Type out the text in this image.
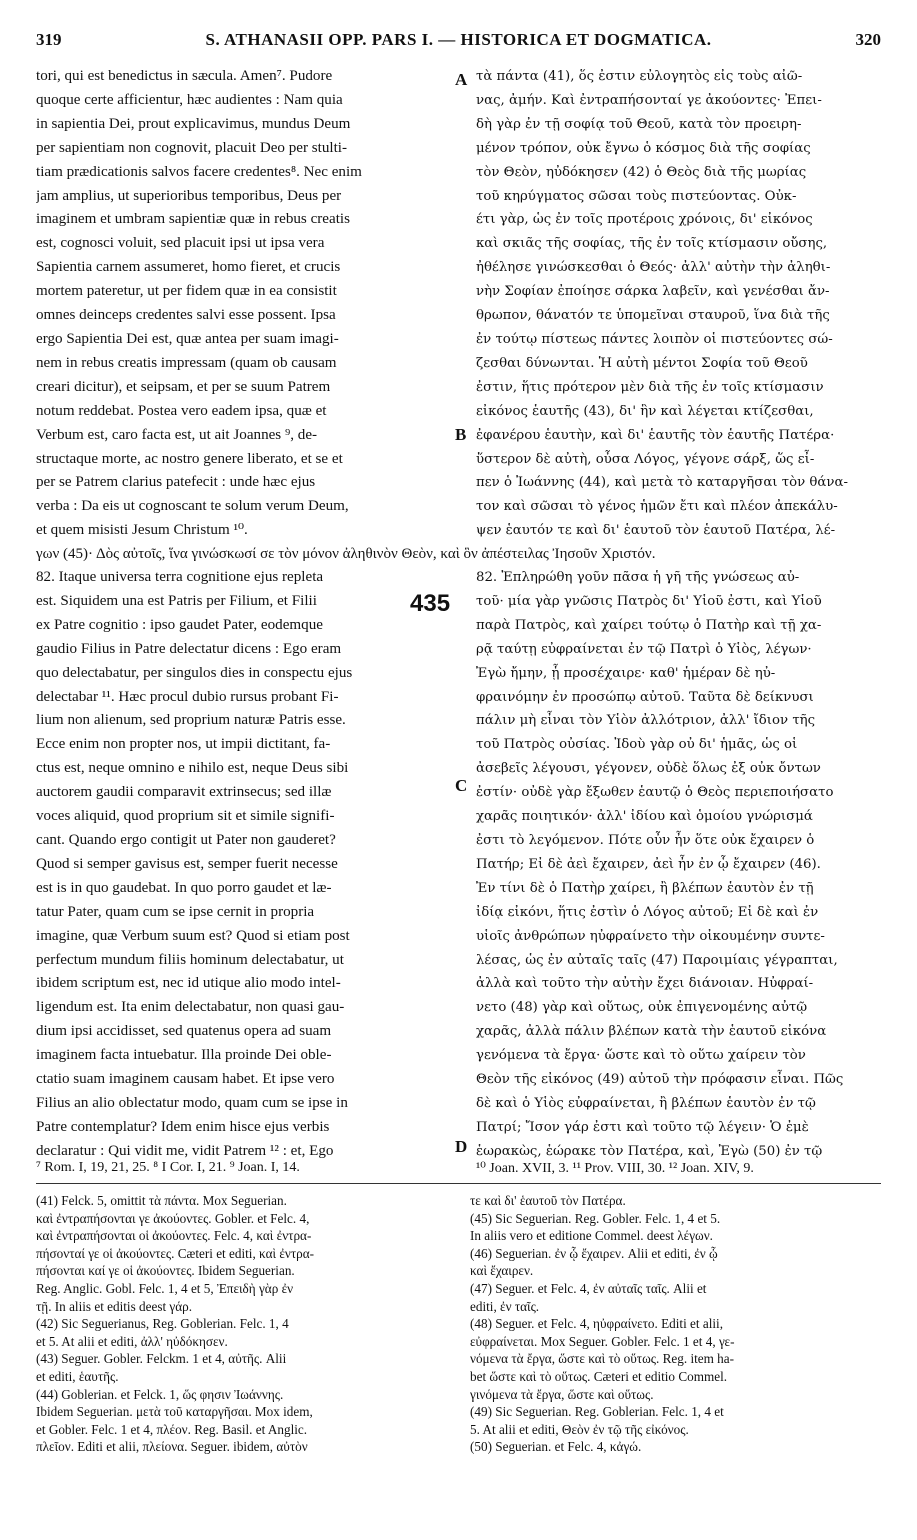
319	S. ATHANASII OPP. PARS I. — HISTORICA ET DOGMATICA.	320
tori, qui est benedictus in sæcula. Amen⁷. Pudore
quoque certe afficientur, hæc audientes : Nam quia
in sapientia Dei, prout explicavimus, mundus Deum
per sapientiam non cognovit, placuit Deo per stulti-
tiam prædicationis salvos facere credentes⁸. Nec enim
jam amplius, ut superioribus temporibus, Deus per
imaginem et umbram sapientiæ quæ in rebus creatis
est, cognosci voluit, sed placuit ipsi ut ipsa vera
Sapientia carnem assumeret, homo fieret, et crucis
mortem pateretur, ut per fidem quæ in ea consistit
omnes deinceps credentes salvi esse possent. Ipsa
ergo Sapientia Dei est, quæ antea per suam imagi-
nem in rebus creatis impressam (quam ob causam
creari dicitur), et seipsam, et per se suum Patrem
notum reddebat. Postea vero eadem ipsa, quæ et
Verbum est, caro facta est, ut ait Joannes ⁹, de-
structaque morte, ac nostro genere liberato, et se et
per se Patrem clarius patefecit : unde hæc ejus
verba : Da eis ut cognoscant te solum verum Deum,
et quem misisti Jesum Christum ¹⁰.
τὰ πάντα (41), ὅς ἐστιν εὐλογητὸς εἰς τοὺς αἰῶ-
νας, ἀμήν. Καὶ ἐντραπήσονταί γε ἀκούοντες· Ἐπει-
δὴ γὰρ ἐν τῇ σοφίᾳ τοῦ Θεοῦ, κατὰ τὸν προειρη-
μένον τρόπον, οὐκ ἔγνω ὁ κόσμος διὰ τῆς σοφίας
τὸν Θεὸν, ηὐδόκησεν (42) ὁ Θεὸς διὰ τῆς μωρίας
τοῦ κηρύγματος σῶσαι τοὺς πιστεύοντας. Οὐκ-
έτι γὰρ, ὡς ἐν τοῖς προτέροις χρόνοις, δι' εἰκόνος
καὶ σκιᾶς τῆς σοφίας, τῆς ἐν τοῖς κτίσμασιν οὔσης,
ἠθέλησε γινώσκεσθαι ὁ Θεός· ἀλλ' αὐτὴν τὴν ἀληθι-
νὴν Σοφίαν ἐποίησε σάρκα λαβεῖν, καὶ γενέσθαι ἄν-
θρωπον, θάνατόν τε ὑπομεῖναι σταυροῦ, ἵνα διὰ τῆς
ἐν τούτῳ πίστεως πάντες λοιπὸν οἱ πιστεύοντες σώ-
ζεσθαι δύνωνται. Ἡ αὐτὴ μέντοι Σοφία τοῦ Θεοῦ
ἐστιν, ἥτις πρότερον μὲν διὰ τῆς ἐν τοῖς κτίσμασιν
εἰκόνος ἑαυτῆς (43), δι' ἣν καὶ λέγεται κτίζεσθαι,
ἐφανέρου ἑαυτὴν, καὶ δι' ἑαυτῆς τὸν ἑαυτῆς Πατέρα·
ὕστερον δὲ αὐτὴ, οὖσα Λόγος, γέγονε σάρξ, ὥς εἶ-
πεν ὁ Ἰωάννης (44), καὶ μετὰ τὸ καταργῆσαι τὸν θάνα-
τον καὶ σῶσαι τὸ γένος ἡμῶν ἔτι καὶ πλέον ἀπεκάλυ-
ψεν ἑαυτόν τε καὶ δι' ἑαυτοῦ τὸν ἑαυτοῦ Πατέρα, λέ-
γων (45)· Δὸς αὐτοῖς, ἵνα γινώσκωσί σε τὸν μόνον ἀληθινὸν Θεὸν, καὶ ὃν ἀπέστειλας Ἰησοῦν Χριστόν.
82. Itaque universa terra cognitione ejus repleta
est. Siquidem una est Patris per Filium, et Filii
ex Patre cognitio : ipso gaudet Pater, eodemque
gaudio Filius in Patre delectatur dicens : Ego eram
quo delectabatur, per singulos dies in conspectu ejus
delectabar ¹¹. Hæc procul dubio rursus probant Fi-
lium non alienum, sed proprium naturæ Patris esse.
Ecce enim non propter nos, ut impii dictitant, fa-
ctus est, neque omnino e nihilo est, neque Deus sibi
auctorem gaudii comparavit extrinsecus; sed illæ
voces aliquid, quod proprium sit et simile signifi-
cant. Quando ergo contigit ut Pater non gauderet?
Quod si semper gavisus est, semper fuerit necesse
est is in quo gaudebat. In quo porro gaudet et læ-
tatur Pater, quam cum se ipse cernit in propria
imagine, quæ Verbum suum est? Quod si etiam post
perfectum mundum filiis hominum delectabatur, ut
ibidem scriptum est, nec id utique alio modo intel-
ligendum est. Ita enim delectabatur, non quasi gau-
dium ipsi accidisset, sed quatenus opera ad suam
imaginem facta intuebatur. Illa proinde Dei oble-
ctatio suam imaginem causam habet. Et ipse vero
Filius an alio oblectatur modo, quam cum se ipse in
Patre contemplatur? Idem enim hisce ejus verbis
declaratur : Qui vidit me, vidit Patrem ¹² : et, Ego
82. Ἐπληρώθη γοῦν πᾶσα ἡ γῆ τῆς γνώσεως αὐ-
τοῦ· μία γὰρ γνῶσις Πατρὸς δι' Υἱοῦ ἐστι, καὶ Υἱοῦ
παρὰ Πατρὸς, καὶ χαίρει τούτῳ ὁ Πατὴρ καὶ τῇ χα-
ρᾷ ταύτῃ εὐφραίνεται ἐν τῷ Πατρὶ ὁ Υἱὸς, λέγων·
Ἐγὼ ἤμην, ᾗ προσέχαιρε· καθ' ἡμέραν δὲ ηὐ-
φραινόμην ἐν προσώπῳ αὐτοῦ. Ταῦτα δὲ δείκνυσι
πάλιν μὴ εἶναι τὸν Υἱὸν ἀλλότριον, ἀλλ' ἴδιον τῆς
τοῦ Πατρὸς οὐσίας. Ἰδοὺ γὰρ οὐ δι' ἡμᾶς, ὡς οἱ
ἀσεβεῖς λέγουσι, γέγονεν, οὐδὲ ὅλως ἐξ οὐκ ὄντων
ἐστίν· οὐδὲ γὰρ ἔξωθεν ἑαυτῷ ὁ Θεὸς περιεποιήσατο
χαρᾶς ποιητικόν· ἀλλ' ἰδίου καὶ ὁμοίου γνώρισμά
ἐστι τὸ λεγόμενον. Πότε οὖν ἦν ὅτε οὐκ ἔχαιρεν ὁ
Πατήρ; Εἰ δὲ ἀεὶ ἔχαιρεν, ἀεὶ ἦν ἐν ᾧ ἔχαιρεν (46).
Ἐν τίνι δὲ ὁ Πατὴρ χαίρει, ἢ βλέπων ἑαυτὸν ἐν τῇ
ἰδίᾳ εἰκόνι, ἥτις ἐστὶν ὁ Λόγος αὐτοῦ; Εἰ δὲ καὶ ἐν
υἱοῖς ἀνθρώπων ηὐφραίνετο τὴν οἰκουμένην συντε-
λέσας, ὡς ἐν αὐταῖς ταῖς (47) Παροιμίαις γέγραπται,
ἀλλὰ καὶ τοῦτο τὴν αὐτὴν ἔχει διάνοιαν. Ηὐφραί-
νετο (48) γὰρ καὶ οὕτως, οὐκ ἐπιγενομένης αὐτῷ
χαρᾶς, ἀλλὰ πάλιν βλέπων κατὰ τὴν ἑαυτοῦ εἰκόνα
γενόμενα τὰ ἔργα· ὥστε καὶ τὸ οὕτω χαίρειν τὸν
Θεὸν τῆς εἰκόνος (49) αὐτοῦ τὴν πρόφασιν εἶναι. Πῶς
δὲ καὶ ὁ Υἱὸς εὐφραίνεται, ἢ βλέπων ἑαυτὸν ἐν τῷ
Πατρί; Ἴσον γάρ ἐστι καὶ τοῦτο τῷ λέγειν· Ὁ ἐμὲ
ἑωρακὼς, ἑώρακε τὸν Πατέρα, καὶ, Ἐγὼ (50) ἐν τῷ
435
A
B
C
D
⁷ Rom. I, 19, 21, 25. ⁸ I Cor. I, 21. ⁹ Joan. I, 14.	¹⁰ Joan. XVII, 3. ¹¹ Prov. VIII, 30. ¹² Joan. XIV, 9.
(41) Felck. 5, omittit τὰ πάντα. Mox Seguerian.
καὶ ἐντραπήσονται γε ἀκούοντες. Gobler. et Felc. 4,
καὶ ἐντραπήσονται οἱ ἀκούοντες. Felc. 4, καὶ ἐντρα-
πήσονταί γε οἱ ἀκούοντες. Cæteri et editi, καὶ ἐντρα-
πήσονται καί γε οἱ ἀκούοντες. Ibidem Seguerian.
Reg. Anglic. Gobl. Felc. 1, 4 et 5, Ἐπειδὴ γὰρ ἐν
τῇ. In aliis et editis deest γάρ.
(42) Sic Seguerianus, Reg. Goblerian. Felc. 1, 4
et 5. At alii et editi, ἀλλ' ηὐδόκησεν.
(43) Seguer. Gobler. Felckm. 1 et 4, αὐτῆς. Alii
et editi, ἑαυτῆς.
(44) Goblerian. et Felck. 1, ὥς φησιν Ἰωάννης.
Ibidem Seguerian. μετὰ τοῦ καταργῆσαι. Mox idem,
et Gobler. Felc. 1 et 4, πλέον. Reg. Basil. et Anglic.
πλεῖον. Editi et alii, πλείονα. Seguer. ibidem, αὐτὸν
τε καὶ δι' ἑαυτοῦ τὸν Πατέρα.
(45) Sic Seguerian. Reg. Gobler. Felc. 1, 4 et 5.
In aliis vero et editione Commel. deest λέγων.
(46) Seguerian. ἐν ᾧ ἔχαιρεν. Alii et editi, ἐν ᾧ
καὶ ἔχαιρεν.
(47) Seguer. et Felc. 4, ἐν αὐταῖς ταῖς. Alii et
editi, ἐν ταῖς.
(48) Seguer. et Felc. 4, ηὐφραίνετο. Editi et alii,
εὐφραίνεται. Mox Seguer. Gobler. Felc. 1 et 4, γε-
νόμενα τὰ ἔργα, ὥστε καὶ τὸ οὕτως. Reg. item ha-
bet ὥστε καὶ τὸ οὕτως. Cæteri et editio Commel.
γινόμενα τὰ ἔργα, ὥστε καὶ οὕτως.
(49) Sic Seguerian. Reg. Goblerian. Felc. 1, 4 et
5. At alii et editi, Θεὸν ἐν τῷ τῆς εἰκόνος.
(50) Seguerian. et Felc. 4, κἀγώ.
